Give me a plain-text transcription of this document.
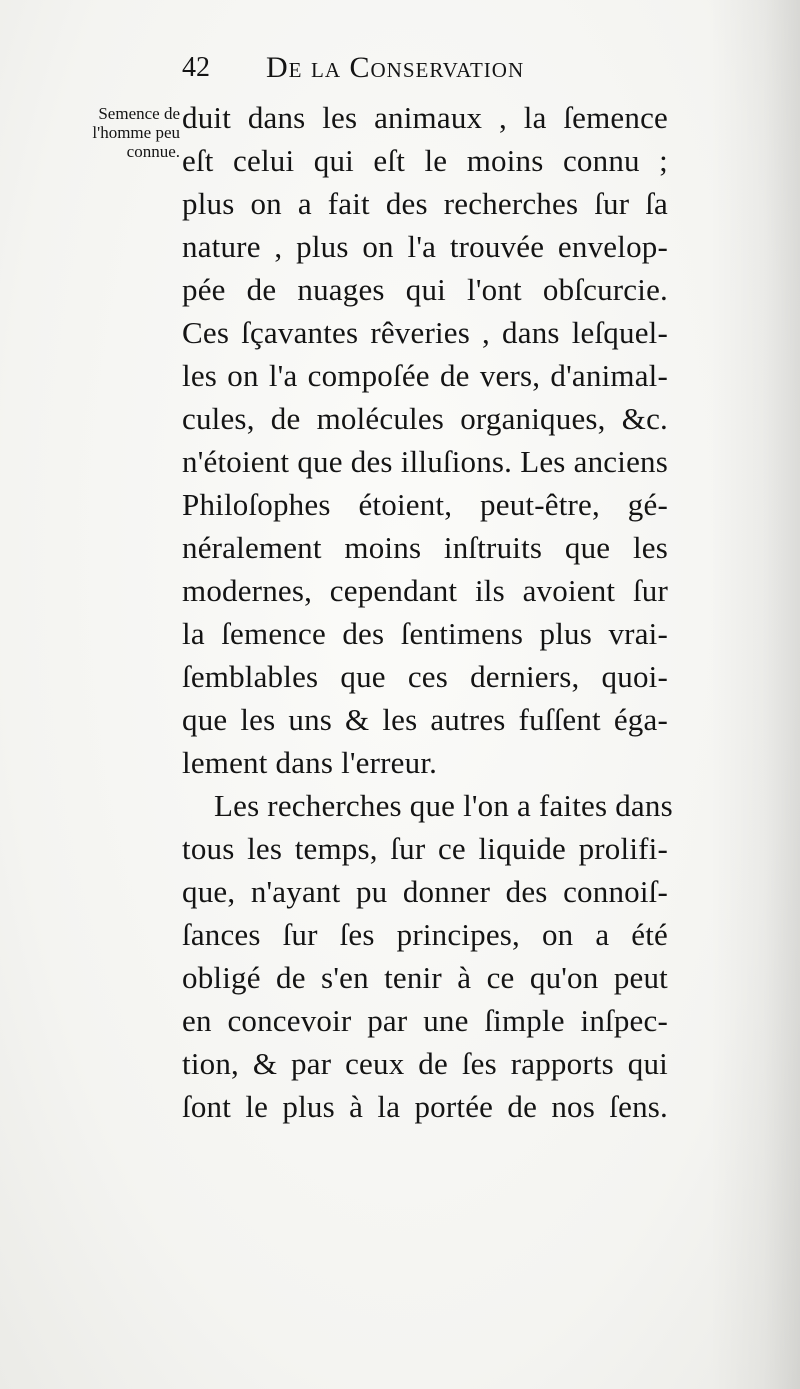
42 De la Conservation
Semence de
l'homme peu
connue.
duit dans les animaux , la ſemence
eſt celui qui eſt le moins connu ;
plus on a fait des recherches ſur ſa
nature , plus on l'a trouvée envelop-
pée de nuages qui l'ont obſcurcie.
Ces ſçavantes rêveries , dans leſquel-
les on l'a compoſée de vers, d'animal-
cules, de molécules organiques, &c.
n'étoient que des illuſions. Les anciens
Philoſophes étoient, peut-être, gé-
néralement moins inſtruits que les
modernes, cependant ils avoient ſur
la ſemence des ſentimens plus vrai-
ſemblables que ces derniers, quoi-
que les uns & les autres fuſſent éga-
lement dans l'erreur.
Les recherches que l'on a faites dans
tous les temps, ſur ce liquide prolifi-
que, n'ayant pu donner des connoiſ-
ſances ſur ſes principes, on a été
obligé de s'en tenir à ce qu'on peut
en concevoir par une ſimple inſpec-
tion, & par ceux de ſes rapports qui
ſont le plus à la portée de nos ſens.
